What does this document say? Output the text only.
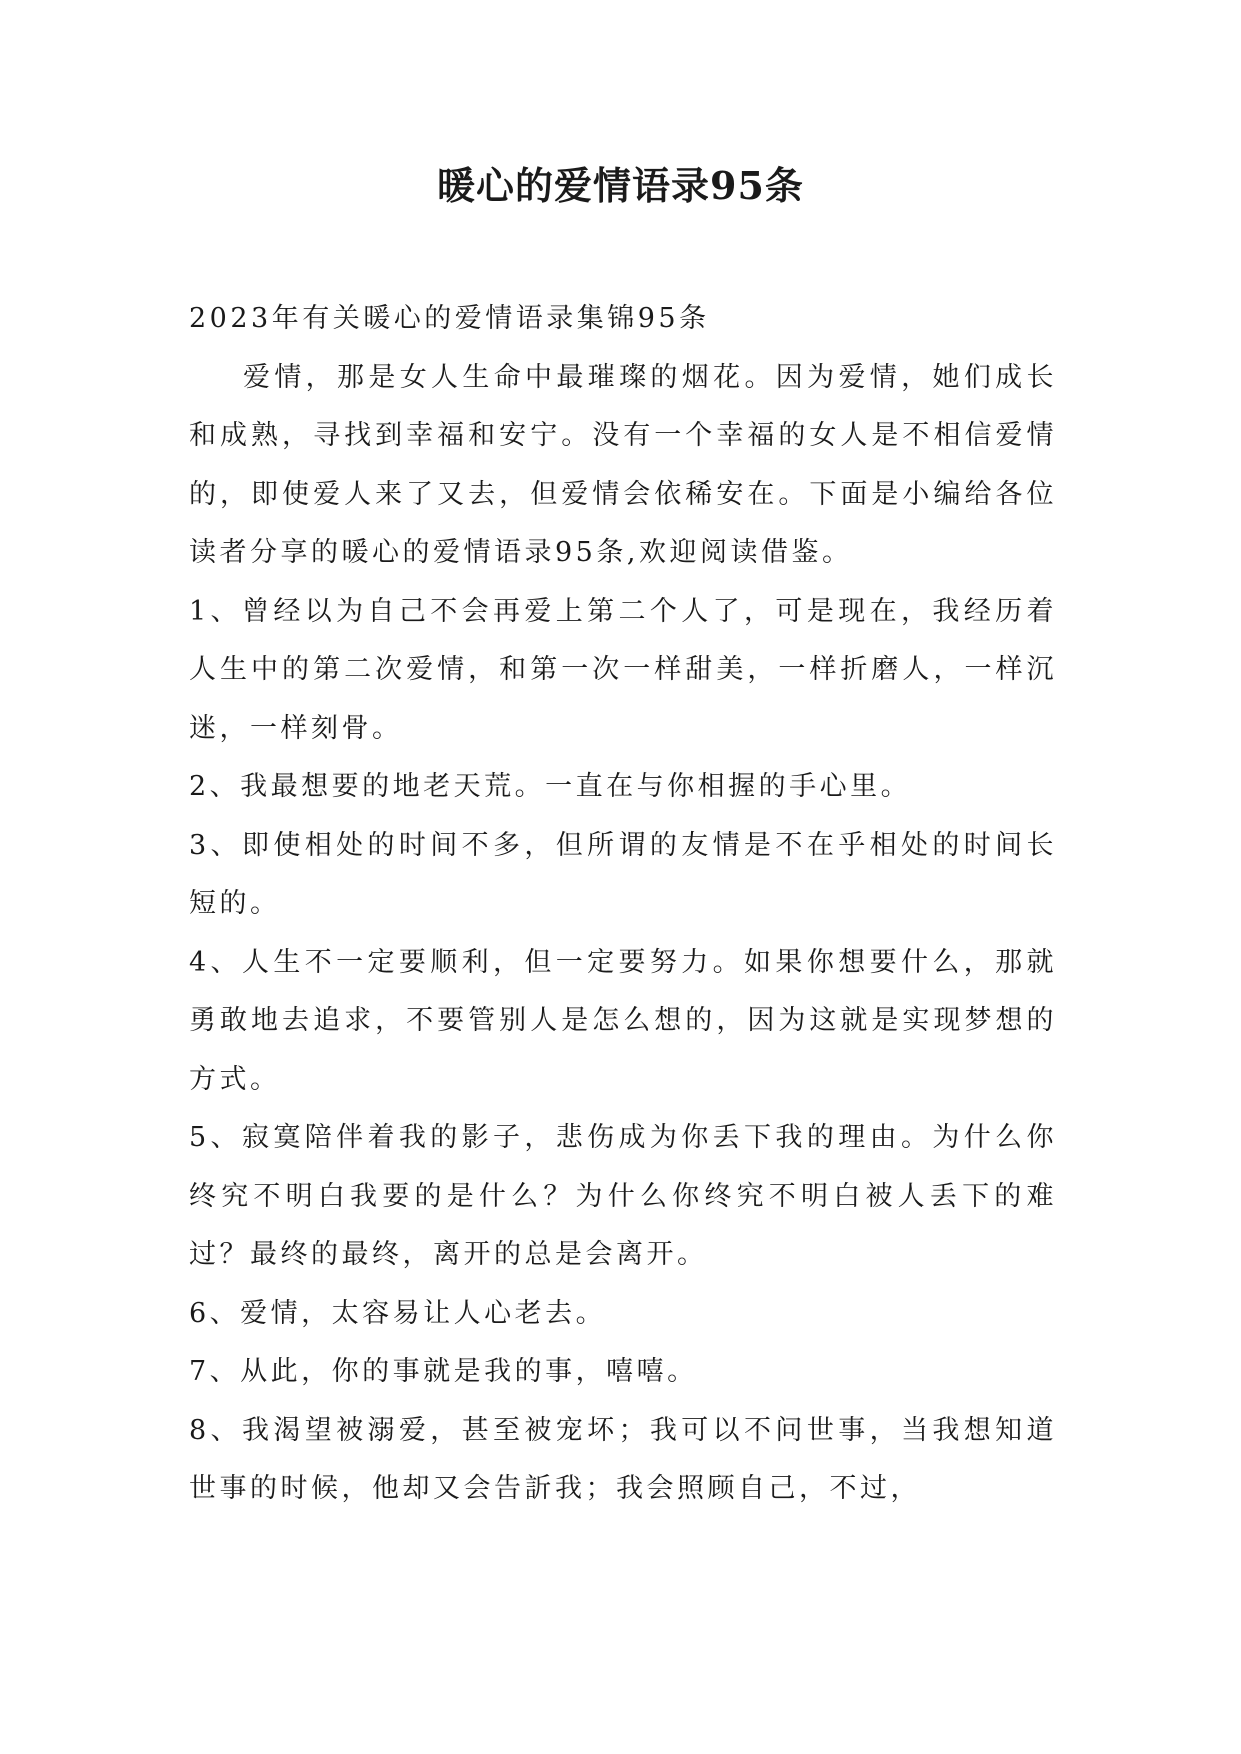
暖心的爱情语录95条

2023年有关暖心的爱情语录集锦95条

爱情，那是女人生命中最璀璨的烟花。因为爱情，她们成长和成熟，寻找到幸福和安宁。没有一个幸福的女人是不相信爱情的，即使爱人来了又去，但爱情会依稀安在。下面是小编给各位读者分享的暖心的爱情语录95条,欢迎阅读借鉴。

1、曾经以为自己不会再爱上第二个人了，可是现在，我经历着人生中的第二次爱情，和第一次一样甜美，一样折磨人，一样沉迷，一样刻骨。

2、我最想要的地老天荒。一直在与你相握的手心里。

3、即使相处的时间不多，但所谓的友情是不在乎相处的时间长短的。

4、人生不一定要顺利，但一定要努力。如果你想要什么，那就勇敢地去追求，不要管别人是怎么想的，因为这就是实现梦想的方式。

5、寂寞陪伴着我的影子，悲伤成为你丢下我的理由。为什么你终究不明白我要的是什么？为什么你终究不明白被人丢下的难过？最终的最终，离开的总是会离开。

6、爱情，太容易让人心老去。

7、从此，你的事就是我的事，嘻嘻。

8、我渴望被溺爱，甚至被宠坏；我可以不问世事，当我想知道世事的时候，他却又会告訢我；我会照顾自己，不过，
